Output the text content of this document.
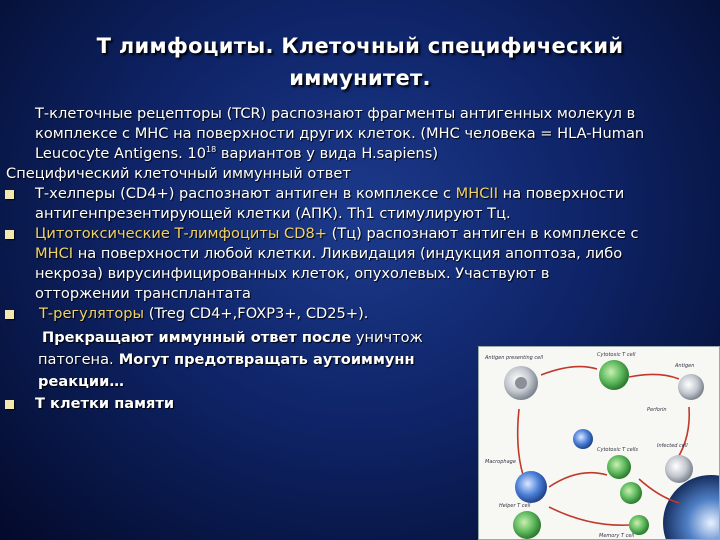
Т лимфоциты. Клеточный специфический
иммунитет.

Т-клеточные рецепторы (TCR) распознают фрагменты антигенных молекул в комплексе с МНС на поверхности других клеток. (МНС человека = HLA-Human Leucocyte Antigens. $10^{18}$ вариантов у вида H.sapiens)

Специфический клеточный иммунный ответ

Т-хелперы (CD4+) распознают антиген в комплексе с МНСII на поверхности антигенпрезентирующей клетки (АПК). Th1 стимулируют Тц.

Цитотоксические Т-лимфоциты CD8+ (Тц) распознают антиген в комплексе с МНСI на поверхности любой клетки. Ликвидация (индукция апоптоза, либо некроза) вирусинфицированных клеток, опухолевых. Участвуют в отторжении трансплантата

Т-регуляторы (Treg CD4+,FOXP3+, CD25+).

Прекращают иммунный ответ после уничтож

патогена. Могут предотвращать аутоиммунн

реакции…

Т клетки памяти

Antigen presenting cell	Cytotoxic T cell
Antigen
Perforin
Macrophage
Infected cell
Cytotoxic T cells
Helper T cell
Memory T cell
